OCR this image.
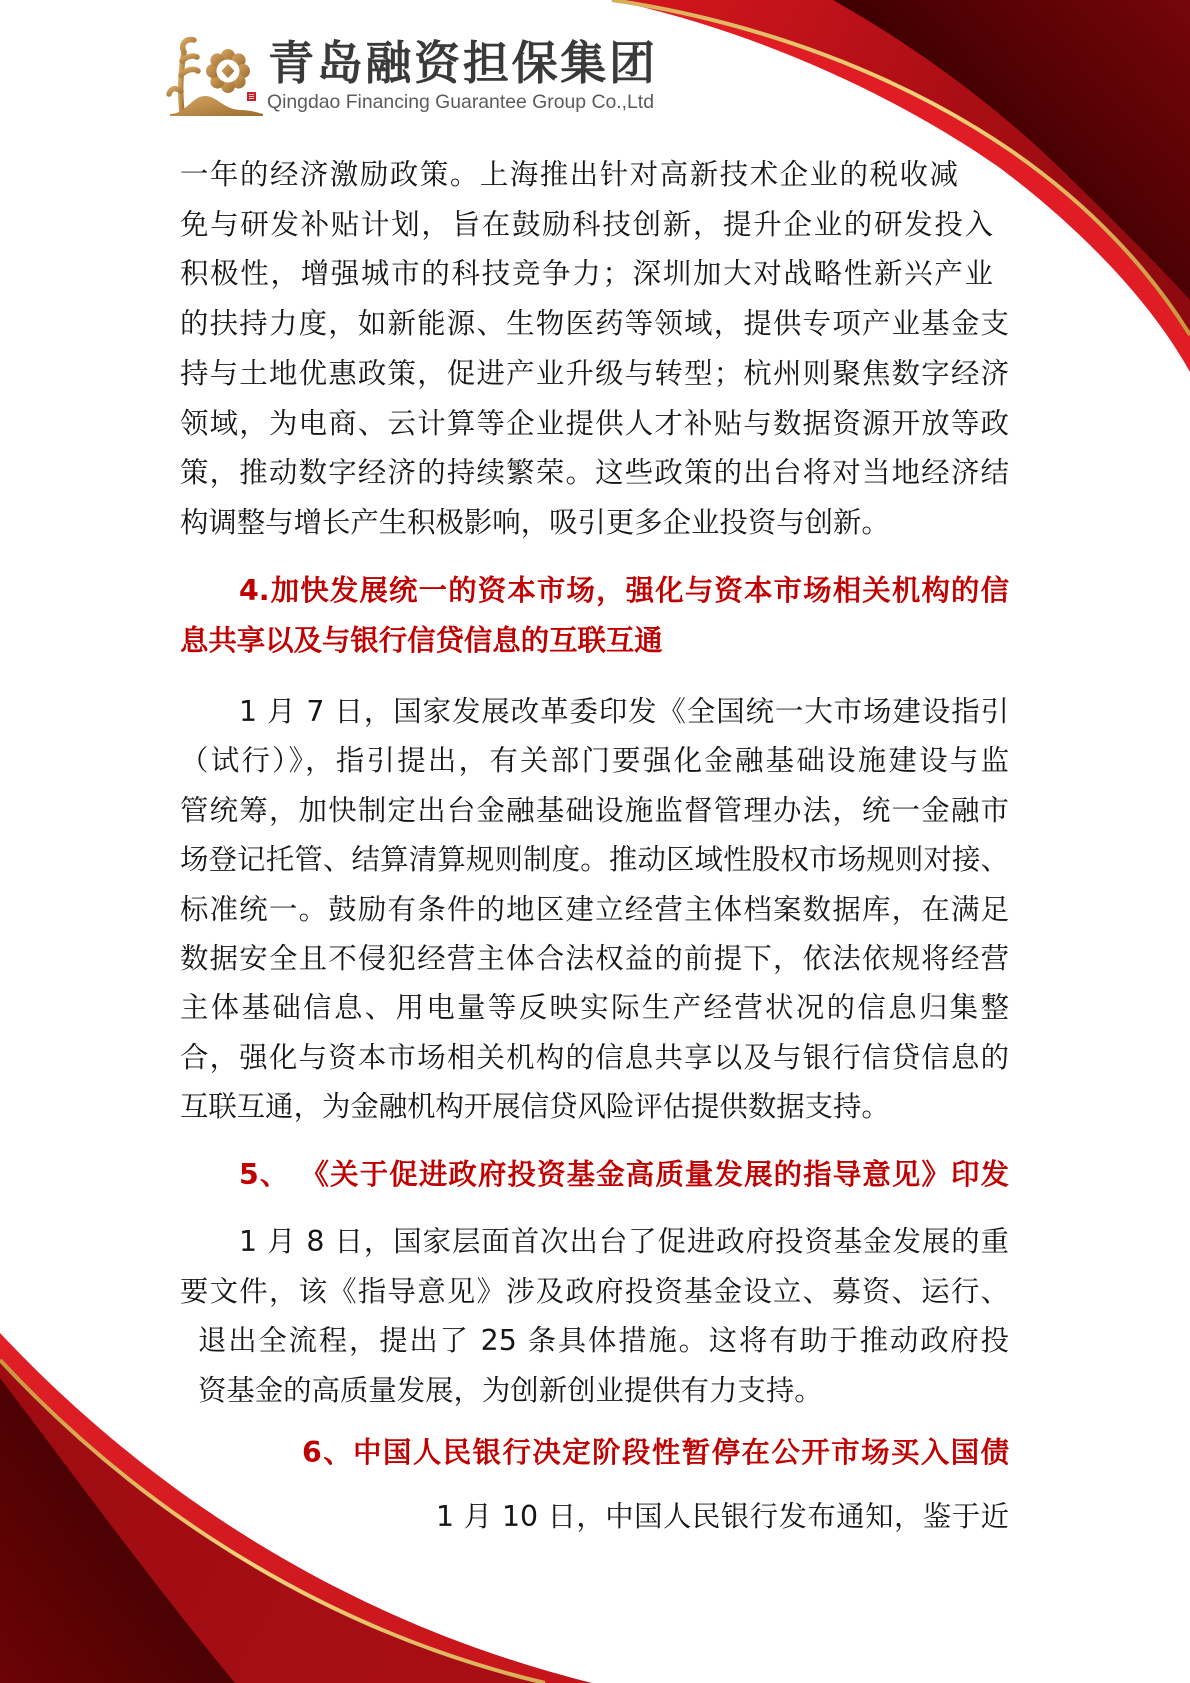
青岛融资担保集团
Qingdao Financing Guarantee Group Co.,Ltd
一年的经济激励政策。上海推出针对高新技术企业的税收减
免与研发补贴计划，旨在鼓励科技创新，提升企业的研发投入
积极性，增强城市的科技竞争力；深圳加大对战略性新兴产业
的扶持力度，如新能源、生物医药等领域，提供专项产业基金支
持与土地优惠政策，促进产业升级与转型；杭州则聚焦数字经济
领域，为电商、云计算等企业提供人才补贴与数据资源开放等政
策，推动数字经济的持续繁荣。这些政策的出台将对当地经济结
构调整与增长产生积极影响，吸引更多企业投资与创新。
4.加快发展统一的资本市场，强化与资本市场相关机构的信
息共享以及与银行信贷信息的互联互通
1 月 7 日，国家发展改革委印发《全国统一大市场建设指引
（试行）》，指引提出，有关部门要强化金融基础设施建设与监
管统筹，加快制定出台金融基础设施监督管理办法，统一金融市
场登记托管、结算清算规则制度。推动区域性股权市场规则对接、
标准统一。鼓励有条件的地区建立经营主体档案数据库，在满足
数据安全且不侵犯经营主体合法权益的前提下，依法依规将经营
主体基础信息、用电量等反映实际生产经营状况的信息归集整
合，强化与资本市场相关机构的信息共享以及与银行信贷信息的
互联互通，为金融机构开展信贷风险评估提供数据支持。
5、 《关于促进政府投资基金高质量发展的指导意见》印发
1 月 8 日，国家层面首次出台了促进政府投资基金发展的重
要文件，该《指导意见》涉及政府投资基金设立、募资、运行、
退出全流程，提出了 25 条具体措施。这将有助于推动政府投
资基金的高质量发展，为创新创业提供有力支持。
6、中国人民银行决定阶段性暂停在公开市场买入国债
1 月 10 日，中国人民银行发布通知，鉴于近
